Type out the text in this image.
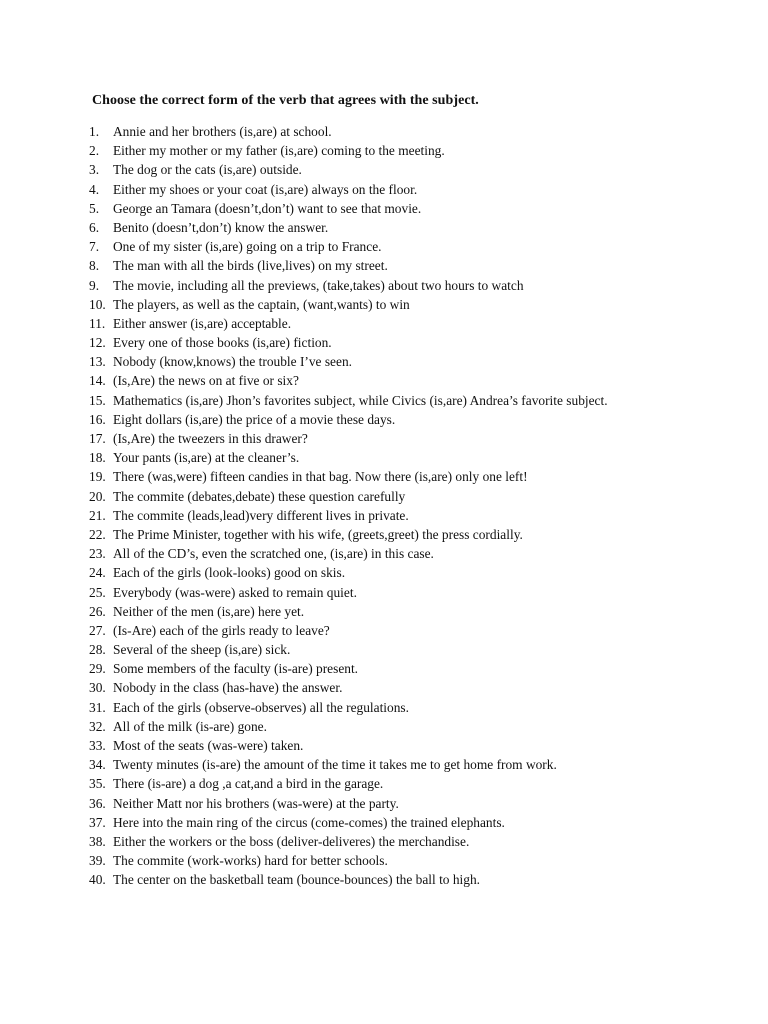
Choose the correct form of the verb that agrees with the subject.
1.	Annie and her brothers (is,are) at school.
2.	Either my mother or my father (is,are) coming to the meeting.
3.	The dog or the cats (is,are) outside.
4.	Either my shoes or your coat (is,are) always on the floor.
5.	George an Tamara (doesn’t,don’t) want to see that movie.
6.	Benito (doesn’t,don’t) know the answer.
7.	One of my sister (is,are) going on a trip to France.
8.	The man with all the birds (live,lives) on my street.
9.	The movie, including all the previews, (take,takes) about two hours to watch
10. The players, as well as the captain, (want,wants) to win
11. Either answer (is,are) acceptable.
12. Every one of those books (is,are) fiction.
13. Nobody (know,knows) the trouble I’ve seen.
14. (Is,Are) the news on at five or six?
15. Mathematics (is,are) Jhon’s favorites subject, while Civics (is,are) Andrea’s favorite subject.
16. Eight dollars (is,are) the price of a movie these days.
17. (Is,Are) the tweezers in this drawer?
18. Your pants (is,are) at the cleaner’s.
19. There (was,were) fifteen candies in that bag. Now there (is,are) only one left!
20. The commite (debates,debate) these question carefully
21. The commite (leads,lead)very different lives in private.
22. The Prime Minister, together with his wife, (greets,greet) the press cordially.
23. All of the CD’s, even the scratched one, (is,are) in this case.
24. Each of the girls (look-looks) good on skis.
25. Everybody (was-were) asked to remain quiet.
26. Neither of the men (is,are) here yet.
27. (Is-Are) each of the girls ready to leave?
28. Several of the sheep (is,are) sick.
29. Some members of the faculty (is-are) present.
30. Nobody in the class (has-have) the answer.
31. Each of the girls (observe-observes) all the regulations.
32. All of the milk (is-are) gone.
33. Most of the seats (was-were) taken.
34. Twenty minutes (is-are) the amount of the time it takes me to get home from work.
35. There (is-are) a dog ,a cat,and a bird in the garage.
36. Neither Matt nor his brothers (was-were) at the party.
37. Here into the main ring of the circus (come-comes) the trained elephants.
38. Either the workers or the boss (deliver-deliveres) the merchandise.
39. The commite (work-works) hard for better schools.
40. The center on the basketball team (bounce-bounces) the ball to high.
